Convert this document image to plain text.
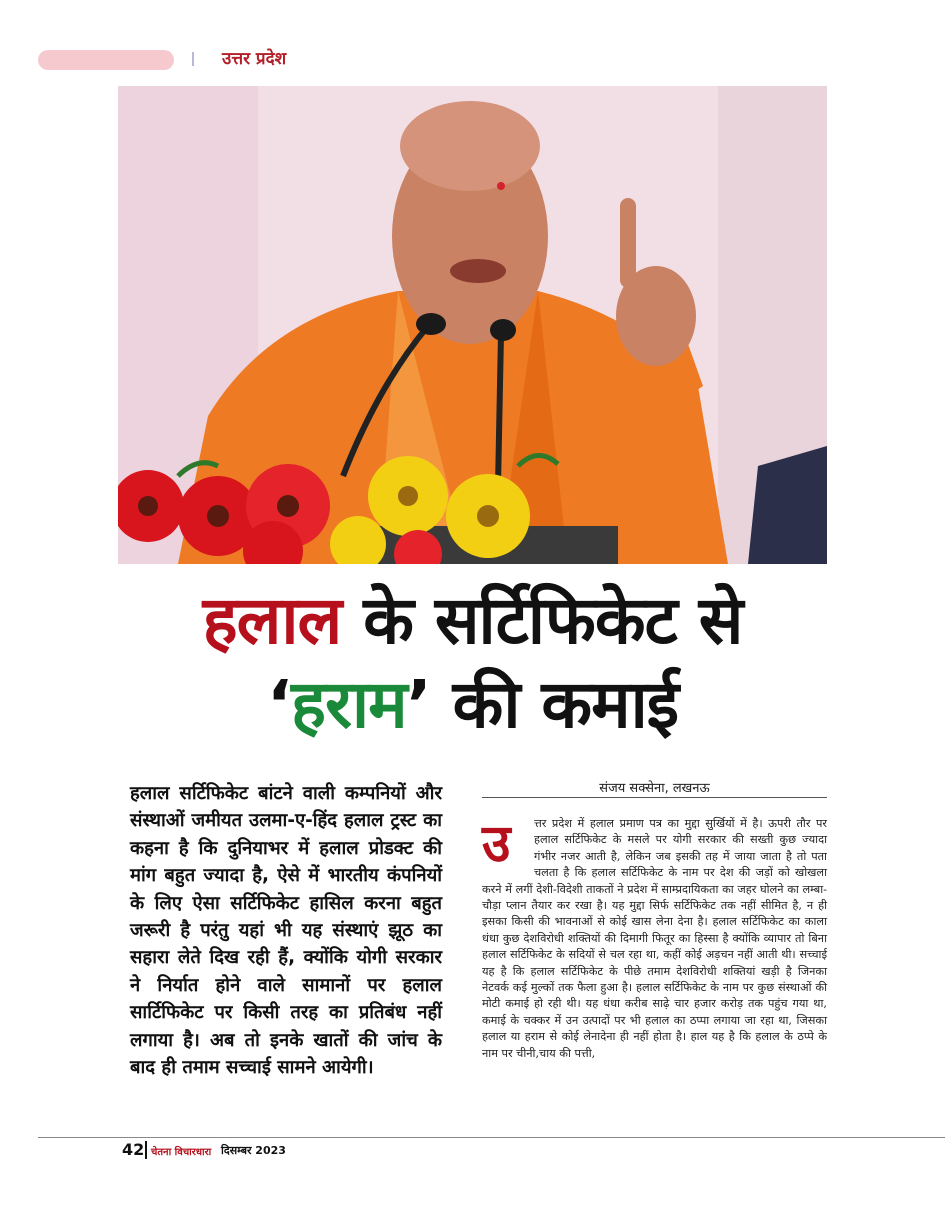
उत्तर प्रदेश
हलाल के सर्टिफिकेट से
‘हराम’ की कमाई
हलाल सर्टिफिकेट बांटने वाली कम्पनियों और संस्थाओं जमीयत उलमा-ए-हिंद हलाल ट्रस्ट का कहना है कि दुनियाभर में हलाल प्रोडक्ट की मांग बहुत ज्यादा है, ऐसे में भारतीय कंपनियों के लिए ऐसा सर्टिफिकेट हासिल करना बहुत जरूरी है परंतु यहां भी यह संस्थाएं झूठ का सहारा लेते दिख रही हैं, क्योंकि योगी सरकार ने निर्यात होने वाले सामानों पर हलाल सार्टिफिकेट पर किसी तरह का प्रतिबंध नहीं लगाया है। अब तो इनके खातों की जांच के बाद ही तमाम सच्चाई सामने आयेगी।
संजय सक्सेना, लखनऊ
उ	त्तर प्रदेश में हलाल प्रमाण पत्र का मुद्दा सुर्खियों में है। ऊपरी तौर पर हलाल सर्टिफिकेट के मसले पर योगी सरकार की सख्ती कुछ ज्यादा गंभीर नजर आती है, लेकिन जब इसकी तह में जाया जाता है तो पता चलता है कि हलाल सर्टिफिकेट के नाम पर देश की जड़ों को खोखला करने में लगीं देशी-विदेशी ताकतों ने प्रदेश में साम्प्रदायिकता का जहर घोलने का लम्बा-चौड़ा प्लान तैयार कर रखा है। यह मुद्दा सिर्फ सर्टिफिकेट तक नहीं सीमित है, न ही इसका किसी की भावनाओं से कोई खास लेना देना है। हलाल सर्टिफिकेट का काला धंधा कुछ देशविरोधी शक्तियों की दिमागी फितूर का हिस्सा है क्योंकि व्यापार तो बिना हलाल सर्टिफिकेट के सदियों से चल रहा था, कहीं कोई अड़चन नहीं आती थी। सच्चाई यह है कि हलाल सर्टिफिकेट के पीछे तमाम देशविरोधी शक्तियां खड़ी है जिनका नेटवर्क कई मुल्कों तक फैला हुआ है। हलाल सर्टिफिकेट के नाम पर कुछ संस्थाओं की मोटी कमाई हो रही थी। यह धंधा करीब साढ़े चार हजार करोड़ तक पहुंच गया था, कमाई के चक्कर में उन उत्पादों पर भी हलाल का ठप्पा लगाया जा रहा था, जिसका हलाल या हराम से कोई लेनादेना ही नहीं होता है। हाल यह है कि हलाल के ठप्पे के नाम पर चीनी,चाय की पत्ती,
42 चेतना विचारधारा दिसम्बर 2023
